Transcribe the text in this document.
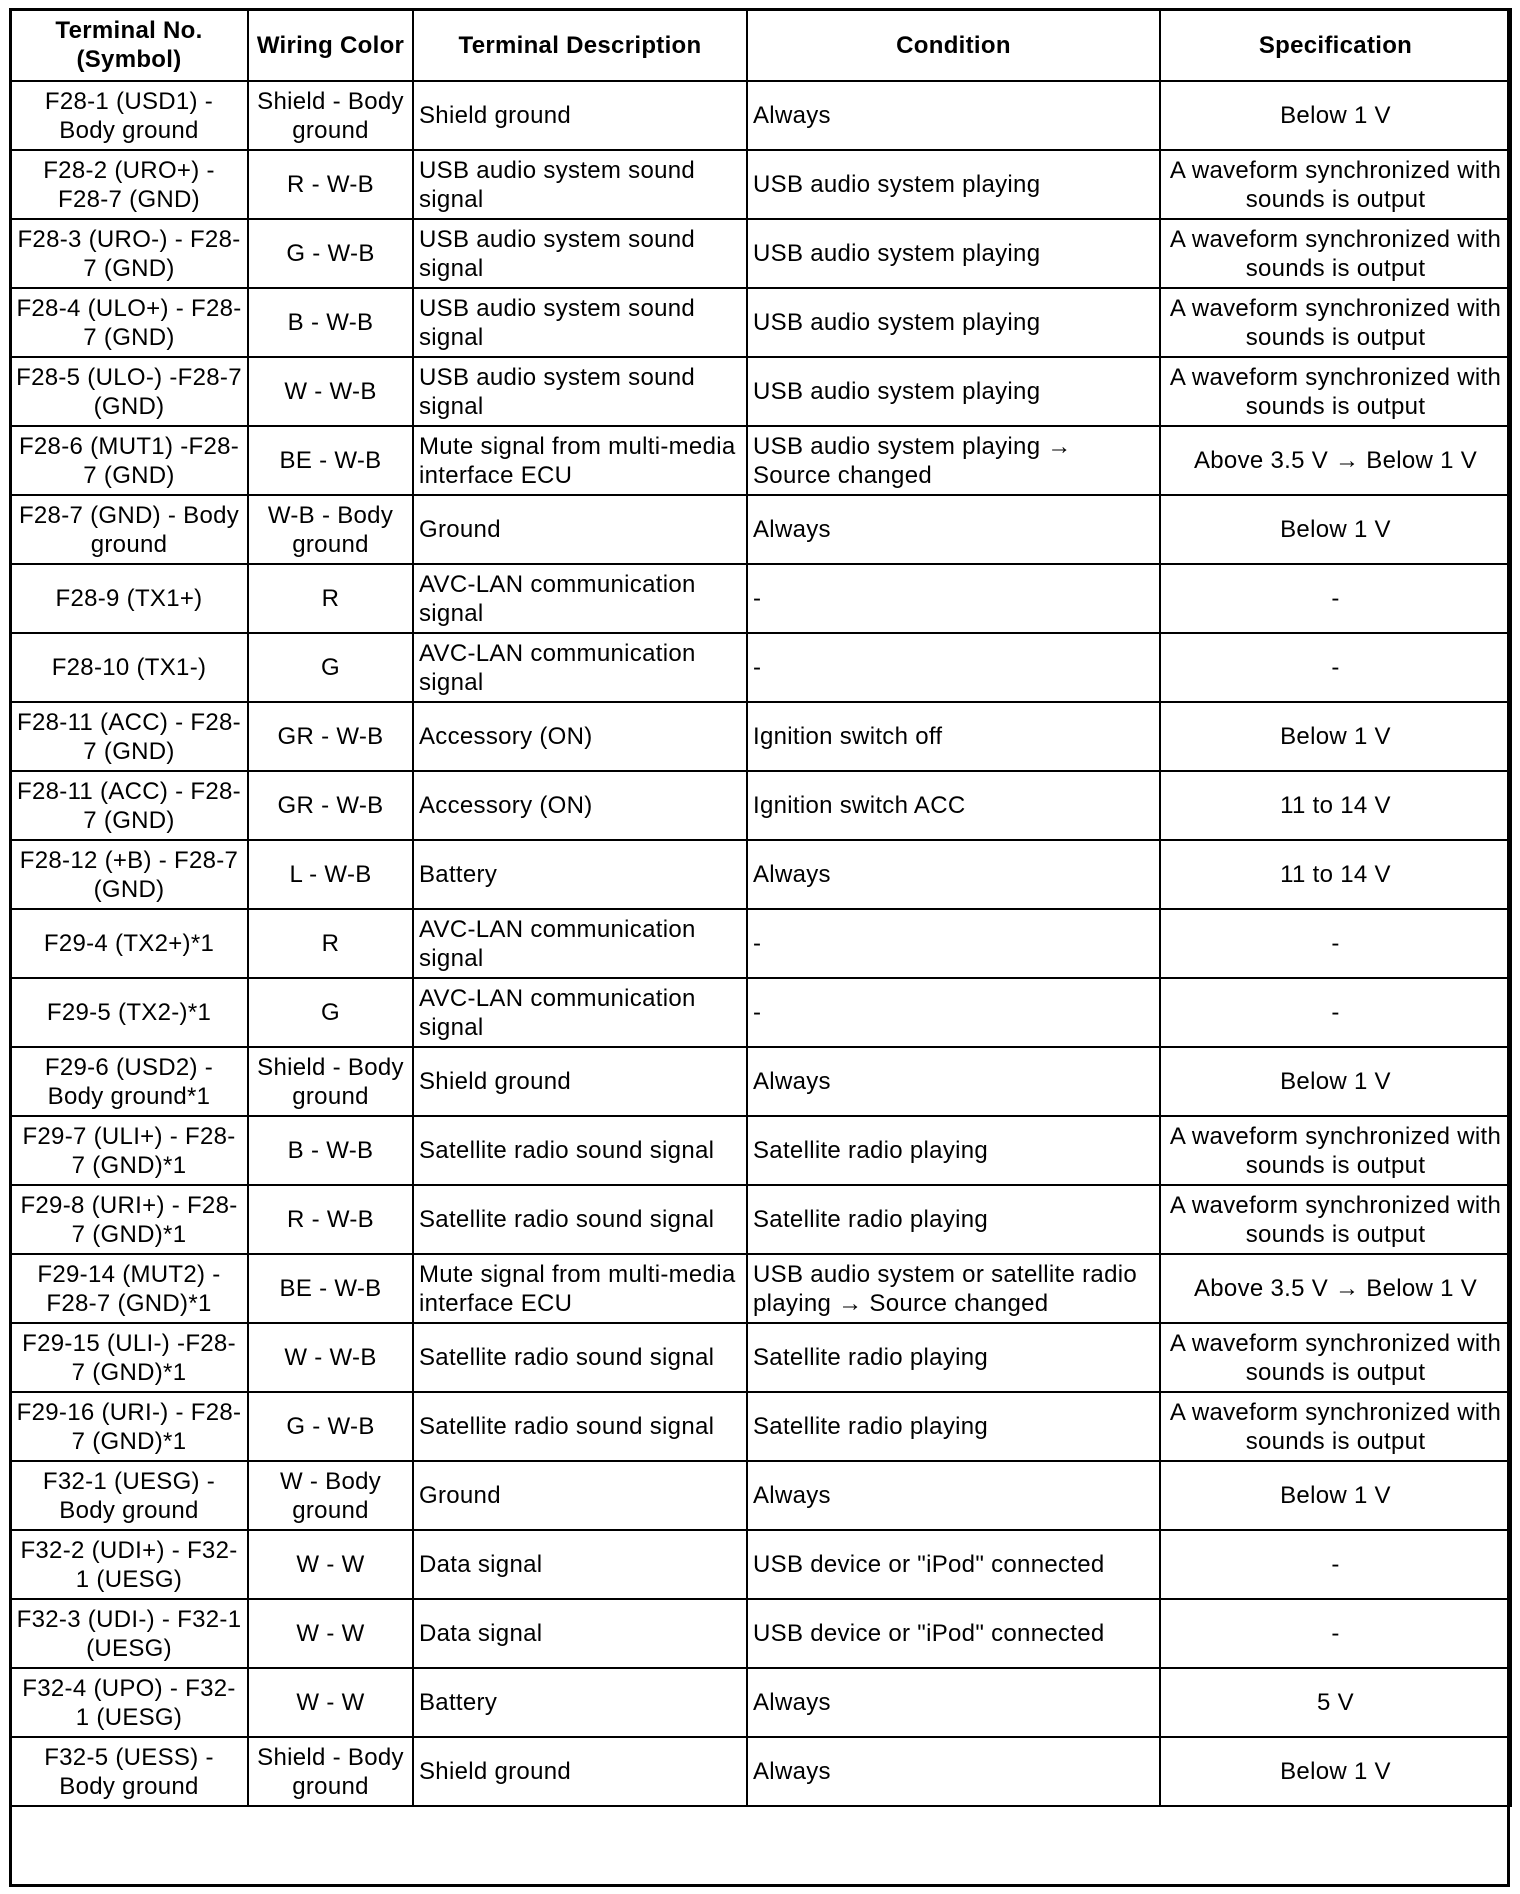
Terminal No. (Symbol)	Wiring Color	Terminal Description	Condition	Specification
F28-1 (USD1) - Body ground	Shield - Body ground	Shield ground	Always	Below 1 V
F28-2 (URO+) - F28-7 (GND)	R - W-B	USB audio system sound signal	USB audio system playing	A waveform synchronized with sounds is output
F28-3 (URO-) - F28-7 (GND)	G - W-B	USB audio system sound signal	USB audio system playing	A waveform synchronized with sounds is output
F28-4 (ULO+) - F28-7 (GND)	B - W-B	USB audio system sound signal	USB audio system playing	A waveform synchronized with sounds is output
F28-5 (ULO-) -F28-7 (GND)	W - W-B	USB audio system sound signal	USB audio system playing	A waveform synchronized with sounds is output
F28-6 (MUT1) -F28-7 (GND)	BE - W-B	Mute signal from multi-media interface ECU	USB audio system playing → Source changed	Above 3.5 V → Below 1 V
F28-7 (GND) - Body ground	W-B - Body ground	Ground	Always	Below 1 V
F28-9 (TX1+)	R	AVC-LAN communication signal	-	-
F28-10 (TX1-)	G	AVC-LAN communication signal	-	-
F28-11 (ACC) - F28-7 (GND)	GR - W-B	Accessory (ON)	Ignition switch off	Below 1 V
F28-11 (ACC) - F28-7 (GND)	GR - W-B	Accessory (ON)	Ignition switch ACC	11 to 14 V
F28-12 (+B) - F28-7 (GND)	L - W-B	Battery	Always	11 to 14 V
F29-4 (TX2+)*1	R	AVC-LAN communication signal	-	-
F29-5 (TX2-)*1	G	AVC-LAN communication signal	-	-
F29-6 (USD2) - Body ground*1	Shield - Body ground	Shield ground	Always	Below 1 V
F29-7 (ULI+) - F28-7 (GND)*1	B - W-B	Satellite radio sound signal	Satellite radio playing	A waveform synchronized with sounds is output
F29-8 (URI+) - F28-7 (GND)*1	R - W-B	Satellite radio sound signal	Satellite radio playing	A waveform synchronized with sounds is output
F29-14 (MUT2) -F28-7 (GND)*1	BE - W-B	Mute signal from multi-media interface ECU	USB audio system or satellite radio playing → Source changed	Above 3.5 V → Below 1 V
F29-15 (ULI-) -F28-7 (GND)*1	W - W-B	Satellite radio sound signal	Satellite radio playing	A waveform synchronized with sounds is output
F29-16 (URI-) - F28-7 (GND)*1	G - W-B	Satellite radio sound signal	Satellite radio playing	A waveform synchronized with sounds is output
F32-1 (UESG) - Body ground	W - Body ground	Ground	Always	Below 1 V
F32-2 (UDI+) - F32-1 (UESG)	W - W	Data signal	USB device or "iPod" connected	-
F32-3 (UDI-) - F32-1 (UESG)	W - W	Data signal	USB device or "iPod" connected	-
F32-4 (UPO) - F32-1 (UESG)	W - W	Battery	Always	5 V
F32-5 (UESS) - Body ground	Shield - Body ground	Shield ground	Always	Below 1 V
